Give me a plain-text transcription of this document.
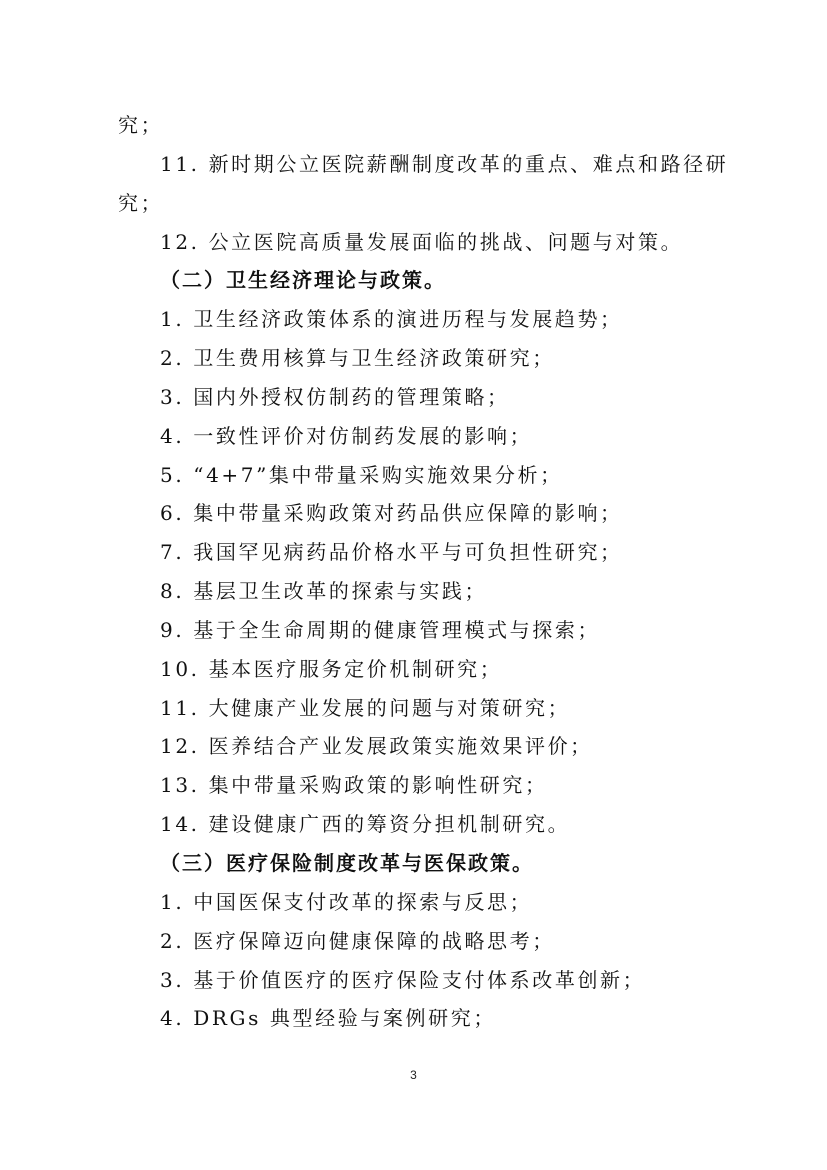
究；
11. 新时期公立医院薪酬制度改革的重点、难点和路径研
究；
12. 公立医院高质量发展面临的挑战、问题与对策。
（二）卫生经济理论与政策。
1. 卫生经济政策体系的演进历程与发展趋势；
2. 卫生费用核算与卫生经济政策研究；
3. 国内外授权仿制药的管理策略；
4. 一致性评价对仿制药发展的影响；
5. “4+7”集中带量采购实施效果分析；
6. 集中带量采购政策对药品供应保障的影响；
7. 我国罕见病药品价格水平与可负担性研究；
8. 基层卫生改革的探索与实践；
9. 基于全生命周期的健康管理模式与探索；
10. 基本医疗服务定价机制研究；
11. 大健康产业发展的问题与对策研究；
12. 医养结合产业发展政策实施效果评价；
13. 集中带量采购政策的影响性研究；
14. 建设健康广西的筹资分担机制研究。
（三）医疗保险制度改革与医保政策。
1. 中国医保支付改革的探索与反思；
2. 医疗保障迈向健康保障的战略思考；
3. 基于价值医疗的医疗保险支付体系改革创新；
4. DRGs 典型经验与案例研究；
3
